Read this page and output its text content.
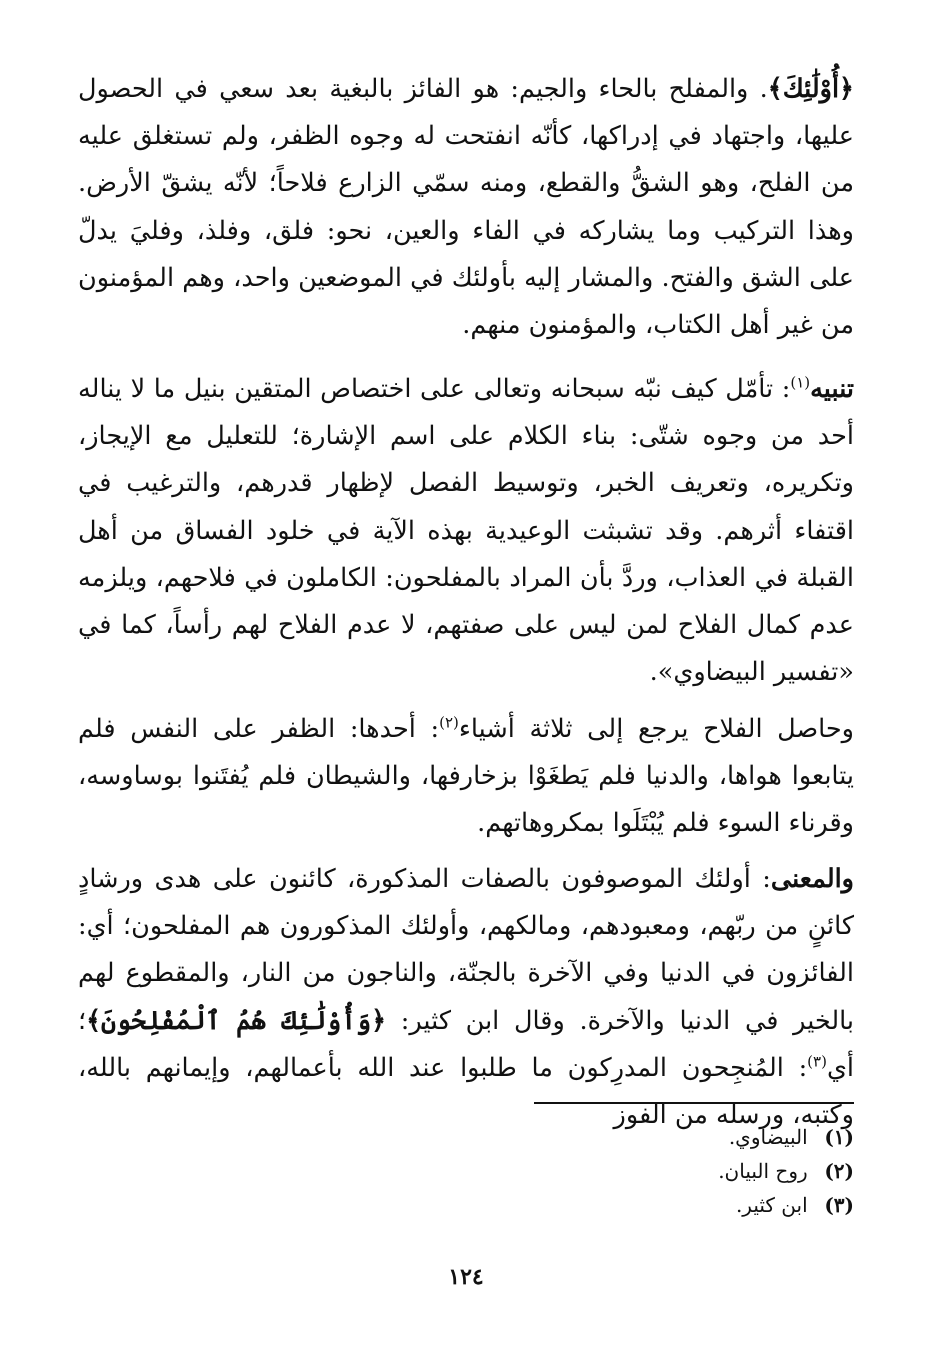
﴿أُوْلَٰئِكَ﴾. والمفلح بالحاء والجيم: هو الفائز بالبغية بعد سعي في الحصول عليها، واجتهاد في إدراكها، كأنّه انفتحت له وجوه الظفر، ولم تستغلق عليه من الفلح، وهو الشقُّ والقطع، ومنه سمّي الزارع فلاحاً؛ لأنّه يشقّ الأرض. وهذا التركيب وما يشاركه في الفاء والعين، نحو: فلق، وفلذ، وفليَ يدلّ على الشق والفتح. والمشار إليه بأولئك في الموضعين واحد، وهم المؤمنون من غير أهل الكتاب، والمؤمنون منهم.

تنبيه$^{(١)}$: تأمّل كيف نبّه سبحانه وتعالى على اختصاص المتقين بنيل ما لا يناله أحد من وجوه شتّى: بناء الكلام على اسم الإشارة؛ للتعليل مع الإيجاز، وتكريره، وتعريف الخبر، وتوسيط الفصل لإظهار قدرهم، والترغيب في اقتفاء أثرهم. وقد تشبثت الوعيدية بهذه الآية في خلود الفساق من أهل القبلة في العذاب، وردَّ بأن المراد بالمفلحون: الكاملون في فلاحهم، ويلزمه عدم كمال الفلاح لمن ليس على صفتهم، لا عدم الفلاح لهم رأساً، كما في «تفسير البيضاوي».

وحاصل الفلاح يرجع إلى ثلاثة أشياء$^{(٢)}$: أحدها: الظفر على النفس فلم يتابعوا هواها، والدنيا فلم يَطغَوْا بزخارفها، والشيطان فلم يُفتَنوا بوساوسه، وقرناء السوء فلم يُبْتَلَوا بمكروهاتهم.

والمعنى: أولئك الموصوفون بالصفات المذكورة، كائنون على هدى ورشادٍ كائنٍ من ربّهم، ومعبودهم، ومالكهم، وأولئك المذكورون هم المفلحون؛ أي: الفائزون في الدنيا وفي الآخرة بالجنّة، والناجون من النار، والمقطوع لهم بالخير في الدنيا والآخرة. وقال ابن كثير: ﴿وَأُوْلَٰئِكَ هُمُ ٱلْمُفْلِحُونَ﴾؛ أي$^{(٣)}$: المُنجِحون المدرِكون ما طلبوا عند الله بأعمالهم، وإيمانهم بالله، وكتبه، ورسله من الفوز

(١) البيضاوي.
(٢) روح البيان.
(٣) ابن كثير.
١٢٤
